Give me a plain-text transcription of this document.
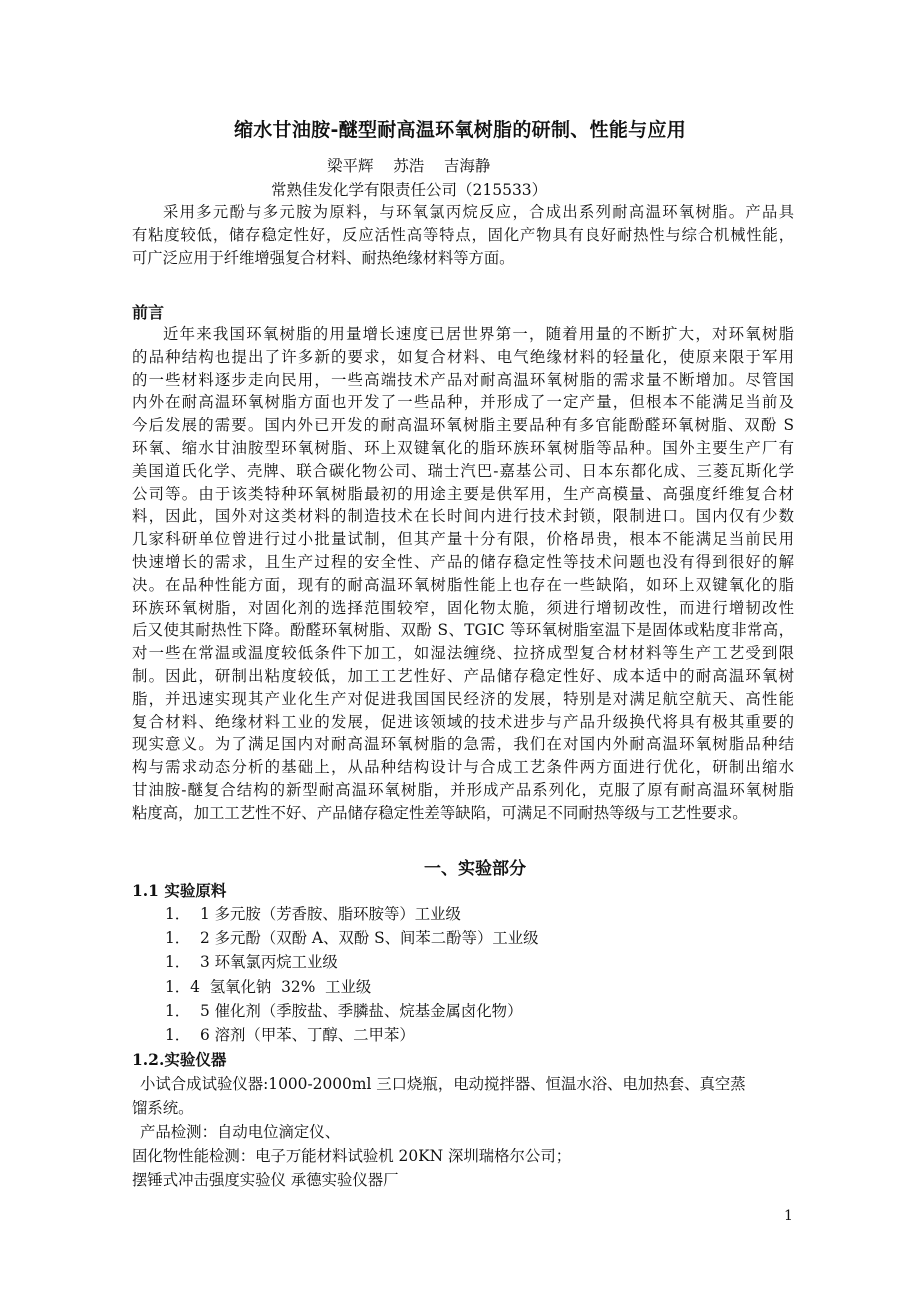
缩水甘油胺-醚型耐高温环氧树脂的研制、性能与应用
梁平辉    苏浩    吉海静
常熟佳发化学有限责任公司（215533）
采用多元酚与多元胺为原料，与环氧氯丙烷反应，合成出系列耐高温环氧树脂。产品具
有粘度较低，储存稳定性好，反应活性高等特点，固化产物具有良好耐热性与综合机械性能，
可广泛应用于纤维增强复合材料、耐热绝缘材料等方面。
前言
近年来我国环氧树脂的用量增长速度已居世界第一，随着用量的不断扩大，对环氧树脂
的品种结构也提出了许多新的要求，如复合材料、电气绝缘材料的轻量化，使原来限于军用
的一些材料逐步走向民用，一些高端技术产品对耐高温环氧树脂的需求量不断增加。尽管国
内外在耐高温环氧树脂方面也开发了一些品种，并形成了一定产量，但根本不能满足当前及
今后发展的需要。国内外已开发的耐高温环氧树脂主要品种有多官能酚醛环氧树脂、双酚 S
环氧、缩水甘油胺型环氧树脂、环上双键氧化的脂环族环氧树脂等品种。国外主要生产厂有
美国道氏化学、壳牌、联合碳化物公司、瑞士汽巴-嘉基公司、日本东都化成、三菱瓦斯化学
公司等。由于该类特种环氧树脂最初的用途主要是供军用，生产高模量、高强度纤维复合材
料，因此，国外对这类材料的制造技术在长时间内进行技术封锁，限制进口。国内仅有少数
几家科研单位曾进行过小批量试制，但其产量十分有限，价格昂贵，根本不能满足当前民用
快速增长的需求，且生产过程的安全性、产品的储存稳定性等技术问题也没有得到很好的解
决。在品种性能方面，现有的耐高温环氧树脂性能上也存在一些缺陷，如环上双键氧化的脂
环族环氧树脂，对固化剂的选择范围较窄，固化物太脆，须进行增韧改性，而进行增韧改性
后又使其耐热性下降。酚醛环氧树脂、双酚 S、TGIC 等环氧树脂室温下是固体或粘度非常高，
对一些在常温或温度较低条件下加工，如湿法缠绕、拉挤成型复合材材料等生产工艺受到限
制。因此，研制出粘度较低，加工工艺性好、产品储存稳定性好、成本适中的耐高温环氧树
脂，并迅速实现其产业化生产对促进我国国民经济的发展，特别是对满足航空航天、高性能
复合材料、绝缘材料工业的发展，促进该领域的技术进步与产品升级换代将具有极其重要的
现实意义。为了满足国内对耐高温环氧树脂的急需，我们在对国内外耐高温环氧树脂品种结
构与需求动态分析的基础上，从品种结构设计与合成工艺条件两方面进行优化，研制出缩水
甘油胺-醚复合结构的新型耐高温环氧树脂，并形成产品系列化，克服了原有耐高温环氧树脂
粘度高，加工工艺性不好、产品储存稳定性差等缺陷，可满足不同耐热等级与工艺性要求。
一、实验部分
1.1 实验原料
1．  1 多元胺（芳香胺、脂环胺等）工业级
1．  2 多元酚（双酚 A、双酚 S、间苯二酚等）工业级
1．  3 环氧氯丙烷工业级
1．4  氢氧化钠  32%  工业级
1．  5 催化剂（季胺盐、季膦盐、烷基金属卤化物）
1．  6 溶剂（甲苯、丁醇、二甲苯）
1.2.实验仪器
小试合成试验仪器:1000-2000ml 三口烧瓶，电动搅拌器、恒温水浴、电加热套、真空蒸
馏系统。
产品检测：自动电位滴定仪、
固化物性能检测：电子万能材料试验机 20KN 深圳瑞格尔公司；
摆锤式冲击强度实验仪 承德实验仪器厂
1
